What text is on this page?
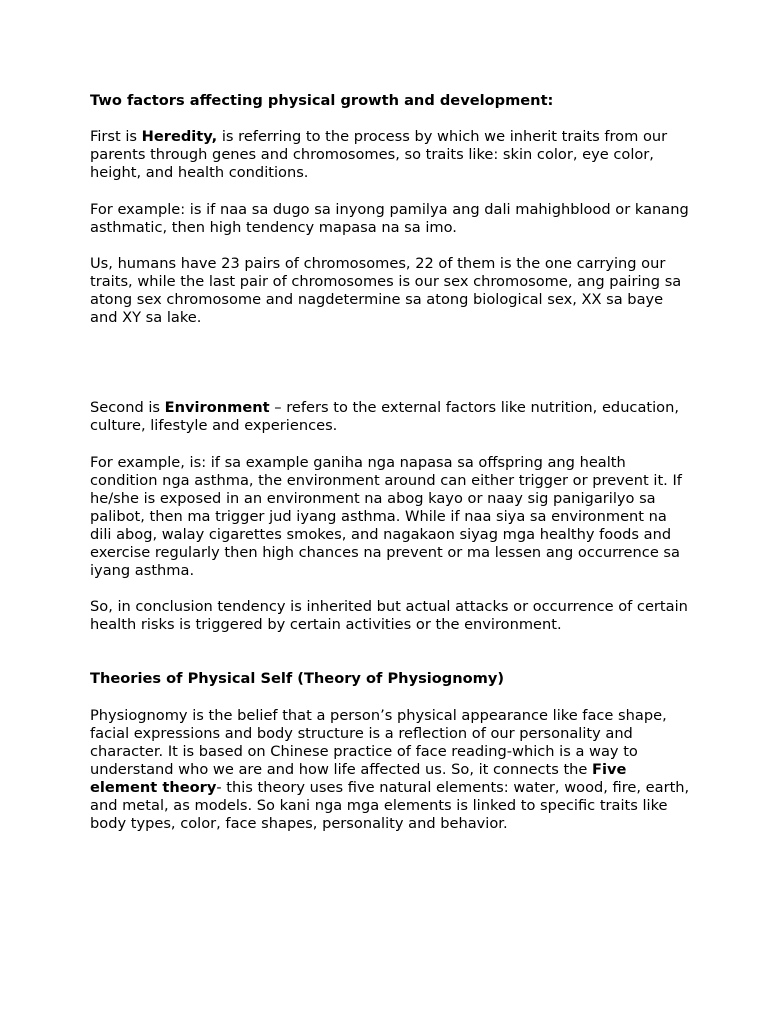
Two factors affecting physical growth and development:

First is Heredity, is referring to the process by which we inherit traits from our parents through genes and chromosomes, so traits like: skin color, eye color, height, and health conditions.

For example: is if naa sa dugo sa inyong pamilya ang dali mahighblood or kanang asthmatic, then high tendency mapasa na sa imo.

Us, humans have 23 pairs of chromosomes, 22 of them is the one carrying our traits, while the last pair of chromosomes is our sex chromosome, ang pairing sa atong sex chromosome and nagdetermine sa atong biological sex, XX sa baye and XY sa lake.

Second is Environment – refers to the external factors like nutrition, education, culture, lifestyle and experiences.

For example, is: if sa example ganiha nga napasa sa offspring ang health condition nga asthma, the environment around can either trigger or prevent it. If he/she is exposed in an environment na abog kayo or naay sig panigarilyo sa palibot, then ma trigger jud iyang asthma. While if naa siya sa environment na dili abog, walay cigarettes smokes, and nagakaon siyag mga healthy foods and exercise regularly then high chances na prevent or ma lessen ang occurrence sa iyang asthma.

So, in conclusion tendency is inherited but actual attacks or occurrence of certain health risks is triggered by certain activities or the environment.

Theories of Physical Self (Theory of Physiognomy)

Physiognomy is the belief that a person’s physical appearance like face shape, facial expressions and body structure is a reflection of our personality and character. It is based on Chinese practice of face reading-which is a way to understand who we are and how life affected us. So, it connects the Five element theory- this theory uses five natural elements: water, wood, fire, earth, and metal, as models. So kani nga mga elements is linked to specific traits like body types, color, face shapes, personality and behavior.
